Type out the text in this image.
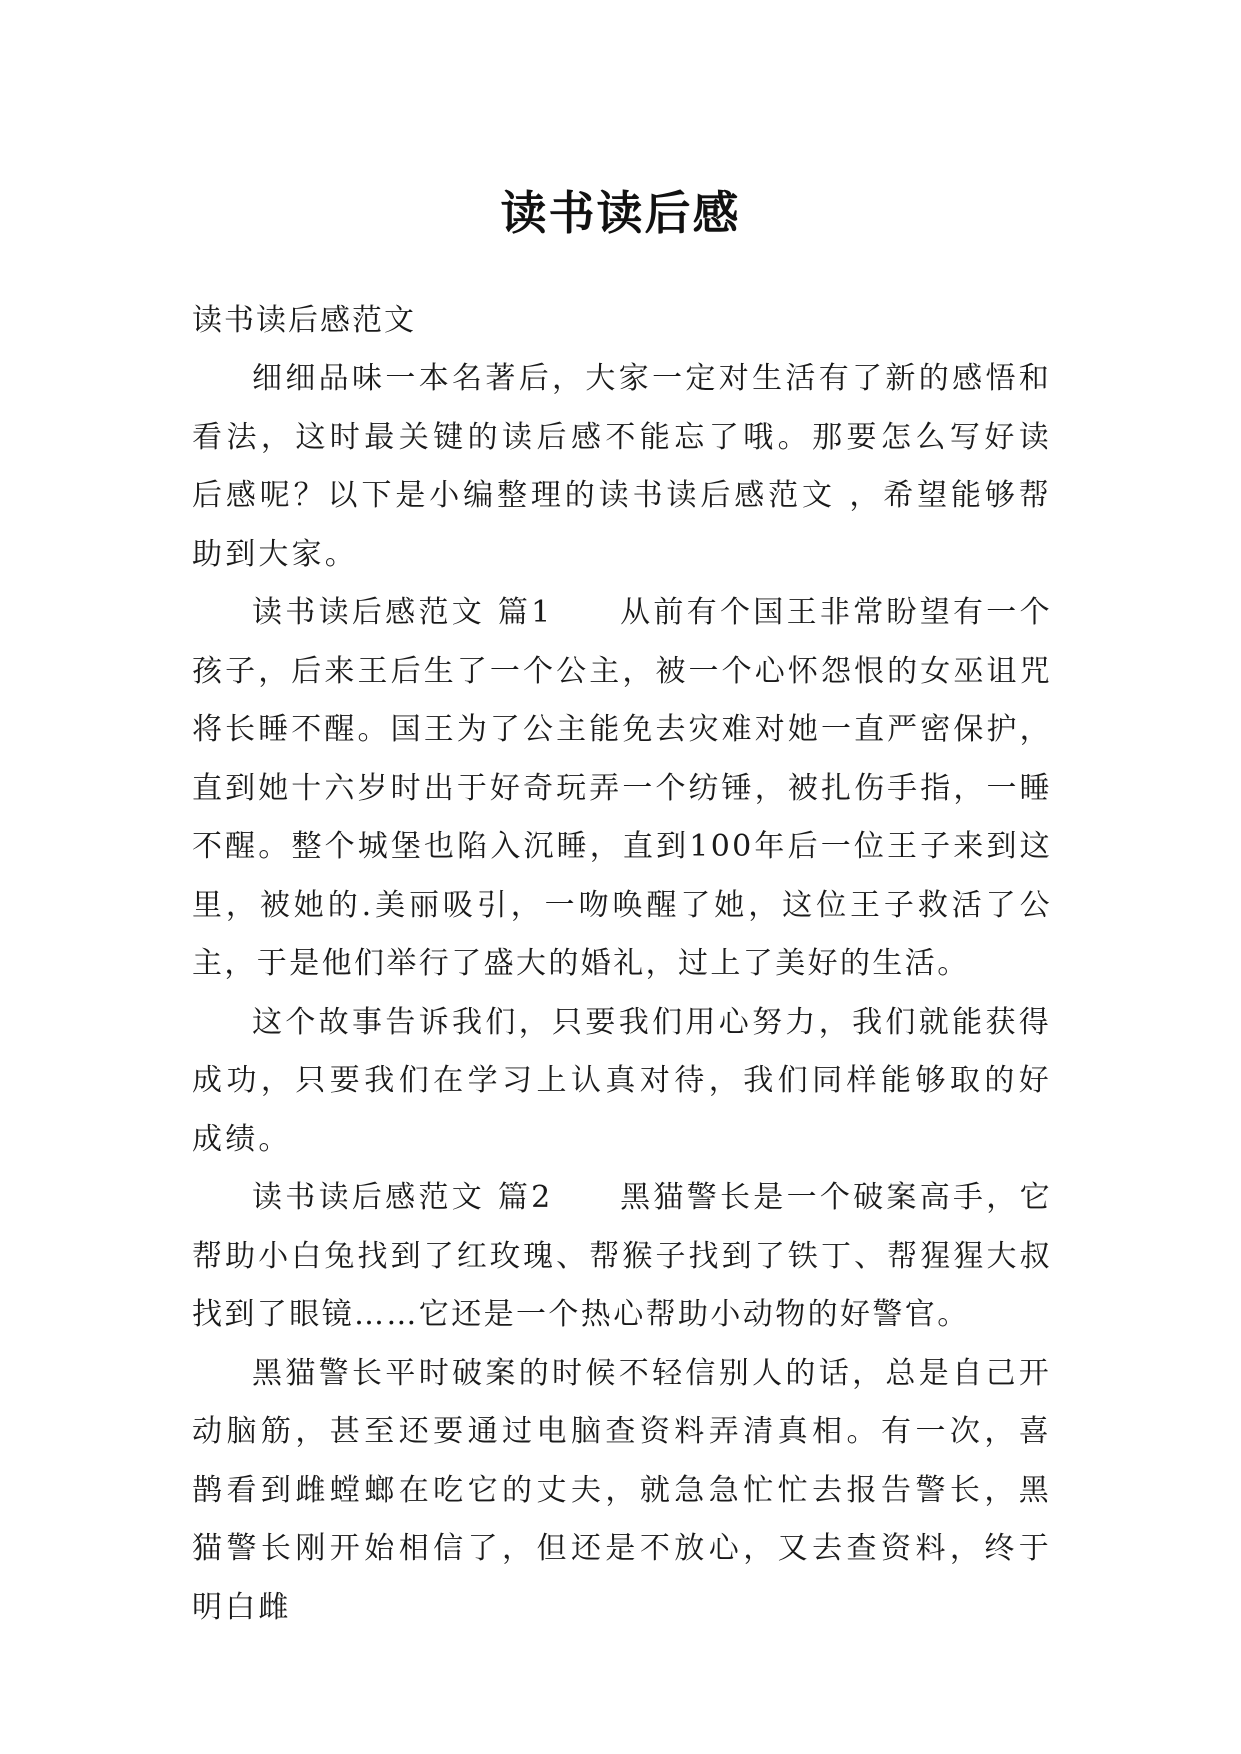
读书读后感

读书读后感范文

细细品味一本名著后，大家一定对生活有了新的感悟和看法，这时最关键的读后感不能忘了哦。那要怎么写好读后感呢？以下是小编整理的读书读后感范文 ，希望能够帮助到大家。

读书读后感范文 篇1　　从前有个国王非常盼望有一个孩子，后来王后生了一个公主，被一个心怀怨恨的女巫诅咒将长睡不醒。国王为了公主能免去灾难对她一直严密保护，直到她十六岁时出于好奇玩弄一个纺锤，被扎伤手指，一睡不醒。整个城堡也陷入沉睡，直到100年后一位王子来到这里，被她的.美丽吸引，一吻唤醒了她，这位王子救活了公主，于是他们举行了盛大的婚礼，过上了美好的生活。

这个故事告诉我们，只要我们用心努力，我们就能获得成功，只要我们在学习上认真对待，我们同样能够取的好成绩。

读书读后感范文 篇2　　黑猫警长是一个破案高手，它帮助小白兔找到了红玫瑰、帮猴子找到了铁丁、帮猩猩大叔找到了眼镜……它还是一个热心帮助小动物的好警官。

黑猫警长平时破案的时候不轻信别人的话，总是自己开动脑筋，甚至还要通过电脑查资料弄清真相。有一次，喜鹊看到雌螳螂在吃它的丈夫，就急急忙忙去报告警长，黑猫警长刚开始相信了，但还是不放心，又去查资料，终于明白雌
